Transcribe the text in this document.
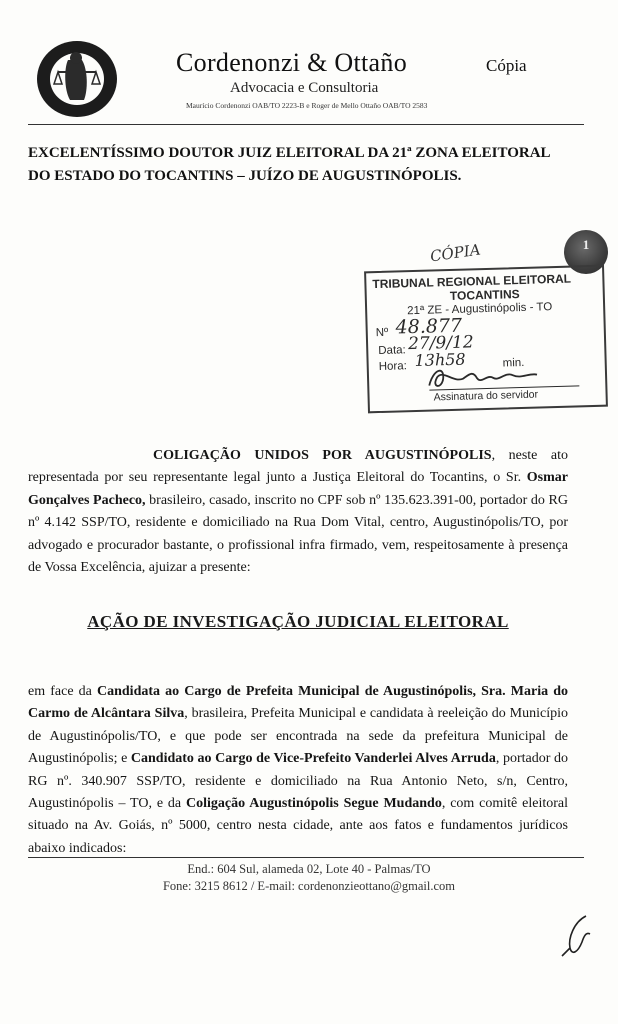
Cordenonzi & Ottaño	Cópia
Advocacia e Consultoria
Maurício Cordenonzi OAB/TO 2223-B e Roger de Mello Ottaño OAB/TO 2583
EXCELENTÍSSIMO DOUTOR JUIZ ELEITORAL DA 21ª ZONA ELEITORAL
DO ESTADO DO TOCANTINS – JUÍZO DE AUGUSTINÓPOLIS.
CÓPIA	1
TRIBUNAL REGIONAL ELEITORAL
TOCANTINS
21ª ZE - Augustinópolis - TO
Nº 48.877
Data: 27/9/12
Hora: 13h58	min.
Assinatura do servidor
COLIGAÇÃO UNIDOS POR AUGUSTINÓPOLIS, neste ato representada por seu representante legal junto a Justiça Eleitoral do Tocantins, o Sr. Osmar Gonçalves Pacheco, brasileiro, casado, inscrito no CPF sob nº 135.623.391-00, portador do RG nº 4.142 SSP/TO, residente e domiciliado na Rua Dom Vital, centro, Augustinópolis/TO, por advogado e procurador bastante, o profissional infra firmado, vem, respeitosamente à presença de Vossa Excelência, ajuizar a presente:
AÇÃO DE INVESTIGAÇÃO JUDICIAL ELEITORAL
em face da Candidata ao Cargo de Prefeita Municipal de Augustinópolis, Sra. Maria do Carmo de Alcântara Silva, brasileira, Prefeita Municipal e candidata à reeleição do Município de Augustinópolis/TO, e que pode ser encontrada na sede da prefeitura Municipal de Augustinópolis; e Candidato ao Cargo de Vice-Prefeito Vanderlei Alves Arruda, portador do RG nº. 340.907 SSP/TO, residente e domiciliado na Rua Antonio Neto, s/n, Centro, Augustinópolis – TO, e da Coligação Augustinópolis Segue Mudando, com comitê eleitoral situado na Av. Goiás, nº 5000, centro nesta cidade, ante aos fatos e fundamentos jurídicos abaixo indicados:
End.: 604 Sul, alameda 02, Lote 40 - Palmas/TO
Fone: 3215 8612 / E-mail: cordenonzieottano@gmail.com
